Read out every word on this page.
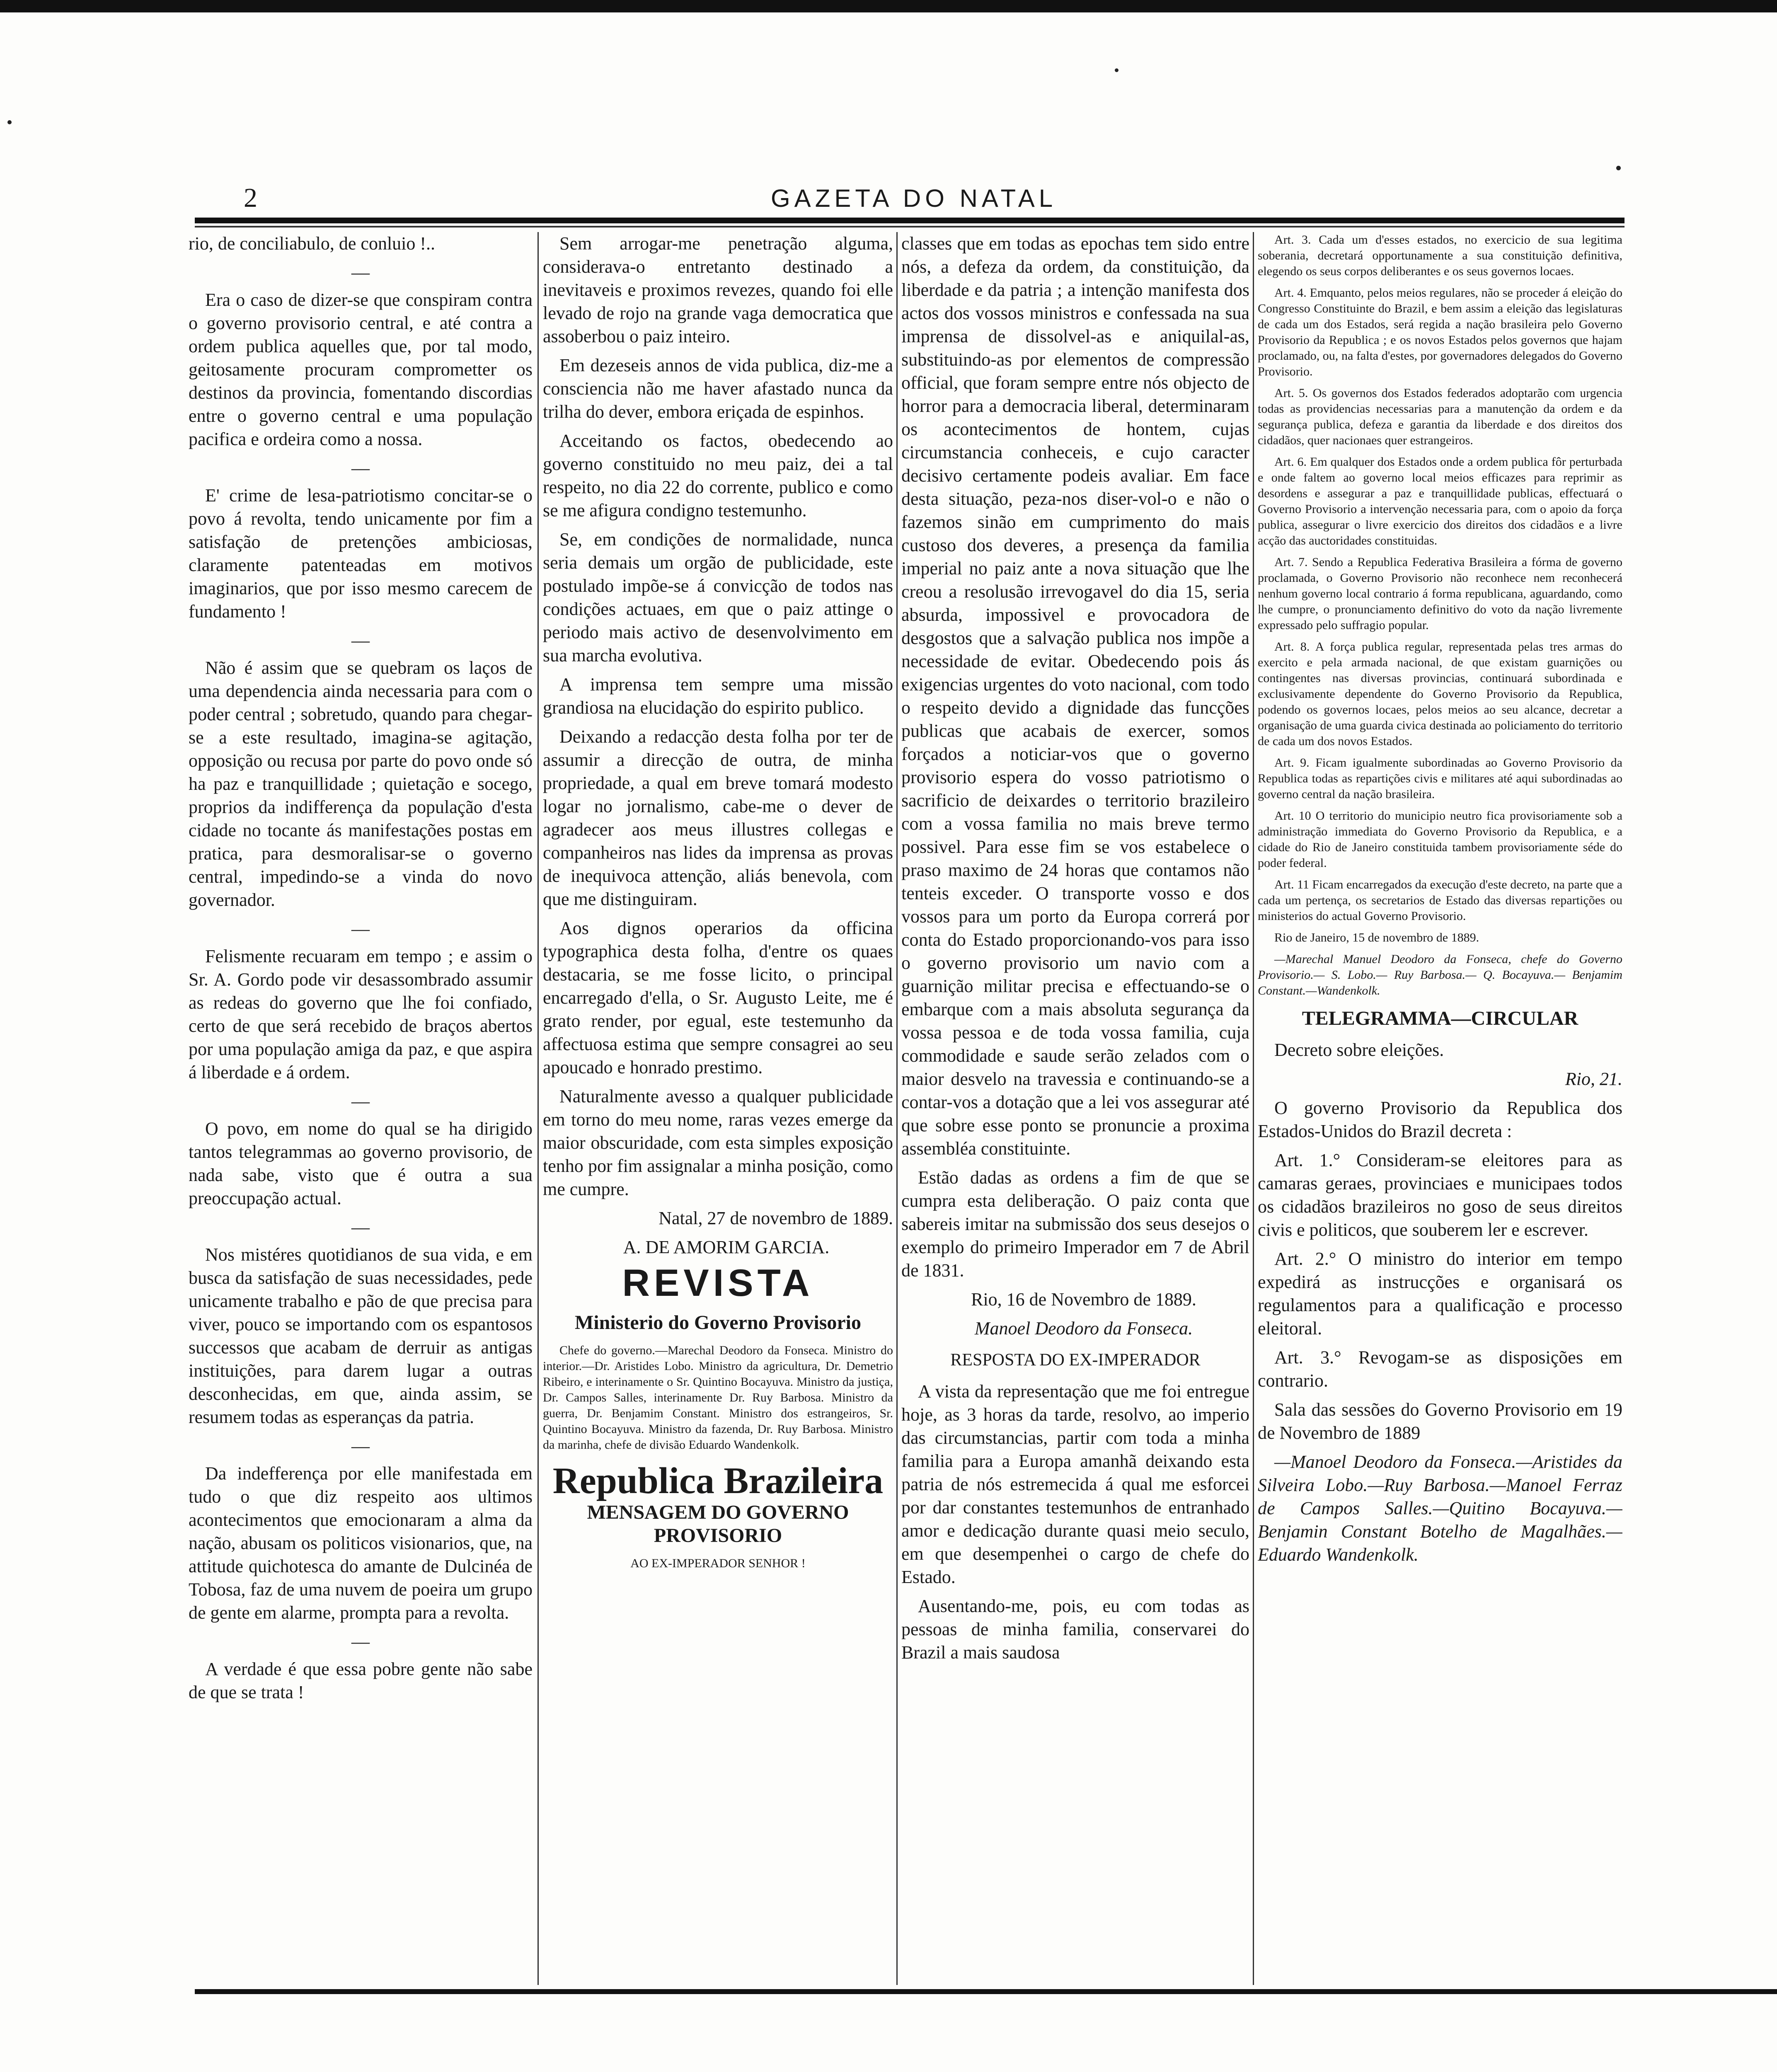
2	GAZETA DO NATAL

rio, de conciliabulo, de conluio !..

—

Era o caso de dizer-se que conspiram contra o governo provisorio central, e até contra a ordem publica aquelles que, por tal modo, geitosamente procuram comprometter os destinos da provincia, fomentando discordias entre o governo central e uma população pacifica e ordeira como a nossa.

—

E' crime de lesa-patriotismo concitar-se o povo á revolta, tendo unicamente por fim a satisfação de pretenções ambiciosas, claramente patenteadas em motivos imaginarios, que por isso mesmo carecem de fundamento !

—

Não é assim que se quebram os laços de uma dependencia ainda necessaria para com o poder central ; sobretudo, quando para chegar-se a este resultado, imagina-se agitação, opposição ou recusa por parte do povo onde só ha paz e tranquillidade ; quietação e socego, proprios da indifferença da população d'esta cidade no tocante ás manifestações postas em pratica, para desmoralisar-se o governo central, impedindo-se a vinda do novo governador.

—

Felismente recuaram em tempo ; e assim o Sr. A. Gordo pode vir desassombrado assumir as redeas do governo que lhe foi confiado, certo de que será recebido de braços abertos por uma população amiga da paz, e que aspira á liberdade e á ordem.

—

O povo, em nome do qual se ha dirigido tantos telegrammas ao governo provisorio, de nada sabe, visto que é outra a sua preoccupação actual.

—

Nos mistéres quotidianos de sua vida, e em busca da satisfação de suas necessidades, pede unicamente trabalho e pão de que precisa para viver, pouco se importando com os espantosos successos que acabam de derruir as antigas instituições, para darem lugar a outras desconhecidas, em que, ainda assim, se resumem todas as esperanças da patria.

—

Da indefferença por elle manifestada em tudo o que diz respeito aos ultimos acontecimentos que emocionaram a alma da nação, abusam os politicos visionarios, que, na attitude quichotesca do amante de Dulcinéa de Tobosa, faz de uma nuvem de poeira um grupo de gente em alarme, prompta para a revolta.

—

A verdade é que essa pobre gente não sabe de que se trata !

Sem arrogar-me penetração alguma, considerava-o entretanto destinado a inevitaveis e proximos revezes, quando foi elle levado de rojo na grande vaga democratica que assoberbou o paiz inteiro.

Em dezeseis annos de vida publica, diz-me a consciencia não me haver afastado nunca da trilha do dever, embora eriçada de espinhos.

Acceitando os factos, obedecendo ao governo constituido no meu paiz, dei a tal respeito, no dia 22 do corrente, publico e como se me afigura condigno testemunho.

Se, em condições de normalidade, nunca seria demais um orgão de publicidade, este postulado impõe-se á convicção de todos nas condições actuaes, em que o paiz attinge o periodo mais activo de desenvolvimento em sua marcha evolutiva.

A imprensa tem sempre uma missão grandiosa na elucidação do espirito publico.

Deixando a redacção desta folha por ter de assumir a direcção de outra, de minha propriedade, a qual em breve tomará modesto logar no jornalismo, cabe-me o dever de agradecer aos meus illustres collegas e companheiros nas lides da imprensa as provas de inequivoca attenção, aliás benevola, com que me distinguiram.

Aos dignos operarios da officina typographica desta folha, d'entre os quaes destacaria, se me fosse licito, o principal encarregado d'ella, o Sr. Augusto Leite, me é grato render, por egual, este testemunho da affectuosa estima que sempre consagrei ao seu apoucado e honrado prestimo.

Naturalmente avesso a qualquer publicidade em torno do meu nome, raras vezes emerge da maior obscuridade, com esta simples exposição tenho por fim assignalar a minha posição, como me cumpre.

Natal, 27 de novembro de 1889.

A. DE AMORIM GARCIA.

REVISTA
Ministerio do Governo Provisorio

Chefe do governo.—Marechal Deodoro da Fonseca. Ministro do interior.—Dr. Aristides Lobo. Ministro da agricultura, Dr. Demetrio Ribeiro, e interinamente o Sr. Quintino Bocayuva. Ministro da justiça, Dr. Campos Salles, interinamente Dr. Ruy Barbosa. Ministro da guerra, Dr. Benjamim Constant. Ministro dos estrangeiros, Sr. Quintino Bocayuva. Ministro da fazenda, Dr. Ruy Barbosa. Ministro da marinha, chefe de divisão Eduardo Wandenkolk.

Republica Brazileira
MENSAGEM DO GOVERNO PROVISORIO
AO EX-IMPERADOR SENHOR !

classes que em todas as epochas tem sido entre nós, a defeza da ordem, da constituição, da liberdade e da patria ; a intenção manifesta dos actos dos vossos ministros e confessada na sua imprensa de dissolvel-as e aniquilal-as, substituindo-as por elementos de compressão official, que foram sempre entre nós objecto de horror para a democracia liberal, determinaram os acontecimentos de hontem, cujas circumstancia conheceis, e cujo caracter decisivo certamente podeis avaliar. Em face desta situação, peza-nos diser-vol-o e não o fazemos sinão em cumprimento do mais custoso dos deveres, a presença da familia imperial no paiz ante a nova situação que lhe creou a resolusão irrevogavel do dia 15, seria absurda, impossivel e provocadora de desgostos que a salvação publica nos impõe a necessidade de evitar. Obedecendo pois ás exigencias urgentes do voto nacional, com todo o respeito devido a dignidade das funcções publicas que acabais de exercer, somos forçados a noticiar-vos que o governo provisorio espera do vosso patriotismo o sacrificio de deixardes o territorio brazileiro com a vossa familia no mais breve termo possivel. Para esse fim se vos estabelece o praso maximo de 24 horas que contamos não tenteis exceder. O transporte vosso e dos vossos para um porto da Europa correrá por conta do Estado proporcionando-vos para isso o governo provisorio um navio com a guarnição militar precisa e effectuando-se o embarque com a mais absoluta segurança da vossa pessoa e de toda vossa familia, cuja commodidade e saude serão zelados com o maior desvelo na travessia e continuando-se a contar-vos a dotação que a lei vos assegurar até que sobre esse ponto se pronuncie a proxima assembléa constituinte.

Estão dadas as ordens a fim de que se cumpra esta deliberação. O paiz conta que sabereis imitar na submissão dos seus desejos o exemplo do primeiro Imperador em 7 de Abril de 1831.

Rio, 16 de Novembro de 1889.

Manoel Deodoro da Fonseca.

RESPOSTA DO EX-IMPERADOR

A vista da representação que me foi entregue hoje, as 3 horas da tarde, resolvo, ao imperio das circumstancias, partir com toda a minha familia para a Europa amanhã deixando esta patria de nós estremecida á qual me esforcei por dar constantes testemunhos de entranhado amor e dedicação durante quasi meio seculo, em que desempenhei o cargo de chefe do Estado.

Ausentando-me, pois, eu com todas as pessoas de minha familia, conservarei do Brazil a mais saudosa

Art. 3. Cada um d'esses estados, no exercicio de sua legitima soberania, decretará opportunamente a sua constituição definitiva, elegendo os seus corpos deliberantes e os seus governos locaes.

Art. 4. Emquanto, pelos meios regulares, não se proceder á eleição do Congresso Constituinte do Brazil, e bem assim a eleição das legislaturas de cada um dos Estados, será regida a nação brasileira pelo Governo Provisorio da Republica ; e os novos Estados pelos governos que hajam proclamado, ou, na falta d'estes, por governadores delegados do Governo Provisorio.

Art. 5. Os governos dos Estados federados adoptarão com urgencia todas as providencias necessarias para a manutenção da ordem e da segurança publica, defeza e garantia da liberdade e dos direitos dos cidadãos, quer nacionaes quer estrangeiros.

Art. 6. Em qualquer dos Estados onde a ordem publica fôr perturbada e onde faltem ao governo local meios efficazes para reprimir as desordens e assegurar a paz e tranquillidade publicas, effectuará o Governo Provisorio a intervenção necessaria para, com o apoio da força publica, assegurar o livre exercicio dos direitos dos cidadãos e a livre acção das auctoridades constituidas.

Art. 7. Sendo a Republica Federativa Brasileira a fórma de governo proclamada, o Governo Provisorio não reconhece nem reconhecerá nenhum governo local contrario á forma republicana, aguardando, como lhe cumpre, o pronunciamento definitivo do voto da nação livremente expressado pelo suffragio popular.

Art. 8. A força publica regular, representada pelas tres armas do exercito e pela armada nacional, de que existam guarnições ou contingentes nas diversas provincias, continuará subordinada e exclusivamente dependente do Governo Provisorio da Republica, podendo os governos locaes, pelos meios ao seu alcance, decretar a organisação de uma guarda civica destinada ao policiamento do territorio de cada um dos novos Estados.

Art. 9. Ficam igualmente subordinadas ao Governo Provisorio da Republica todas as repartições civis e militares até aqui subordinadas ao governo central da nação brasileira.

Art. 10 O territorio do municipio neutro fica provisoriamente sob a administração immediata do Governo Provisorio da Republica, e a cidade do Rio de Janeiro constituida tambem provisoriamente séde do poder federal.

Art. 11 Ficam encarregados da execução d'este decreto, na parte que a cada um pertença, os secretarios de Estado das diversas repartições ou ministerios do actual Governo Provisorio.

Rio de Janeiro, 15 de novembro de 1889.

—Marechal Manuel Deodoro da Fonseca, chefe do Governo Provisorio.— S. Lobo.— Ruy Barbosa.— Q. Bocayuva.— Benjamim Constant.—Wandenkolk.

TELEGRAMMA—CIRCULAR

Decreto sobre eleições.

Rio, 21.

O governo Provisorio da Republica dos Estados-Unidos do Brazil decreta :

Art. 1.° Consideram-se eleitores para as camaras geraes, provinciaes e municipaes todos os cidadãos brazileiros no goso de seus direitos civis e politicos, que souberem ler e escrever.

Art. 2.° O ministro do interior em tempo expedirá as instrucções e organisará os regulamentos para a qualificação e processo eleitoral.

Art. 3.° Revogam-se as disposições em contrario.

Sala das sessões do Governo Provisorio em 19 de Novembro de 1889

—Manoel Deodoro da Fonseca.—Aristides da Silveira Lobo.—Ruy Barbosa.—Manoel Ferraz de Campos Salles.—Quitino Bocayuva.— Benjamin Constant Botelho de Magalhães.—Eduardo Wandenkolk.
